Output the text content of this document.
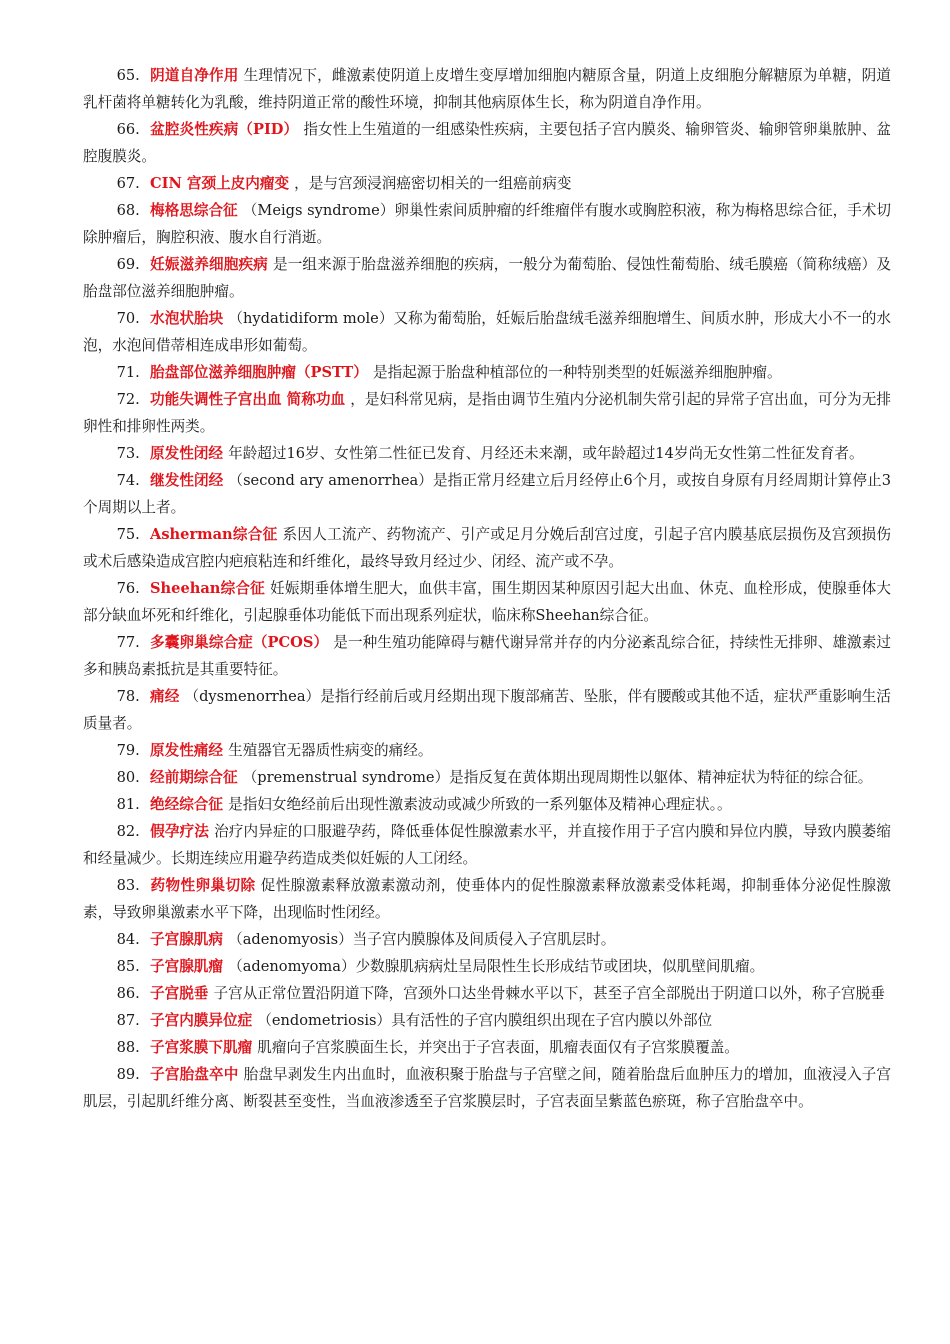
65. 阴道自净作用 生理情况下，雌激素使阴道上皮增生变厚增加细胞内糖原含量，阴道上皮细胞分解糖原为单糖，阴道乳杆菌将单糖转化为乳酸，维持阴道正常的酸性环境，抑制其他病原体生长，称为阴道自净作用。

66. 盆腔炎性疾病（PID） 指女性上生殖道的一组感染性疾病，主要包括子宫内膜炎、输卵管炎、输卵管卵巢脓肿、盆腔腹膜炎。

67. CIN 宫颈上皮内瘤变 ，是与宫颈浸润癌密切相关的一组癌前病变

68. 梅格思综合征 （Meigs syndrome）卵巢性索间质肿瘤的纤维瘤伴有腹水或胸腔积液，称为梅格思综合征，手术切除肿瘤后，胸腔积液、腹水自行消逝。

69. 妊娠滋养细胞疾病 是一组来源于胎盘滋养细胞的疾病，一般分为葡萄胎、侵蚀性葡萄胎、绒毛膜癌（简称绒癌）及胎盘部位滋养细胞肿瘤。

70. 水泡状胎块 （hydatidiform mole）又称为葡萄胎，妊娠后胎盘绒毛滋养细胞增生、间质水肿，形成大小不一的水泡，水泡间借蒂相连成串形如葡萄。

71. 胎盘部位滋养细胞肿瘤（PSTT） 是指起源于胎盘种植部位的一种特别类型的妊娠滋养细胞肿瘤。

72. 功能失调性子宫出血 简称功血 ，是妇科常见病，是指由调节生殖内分泌机制失常引起的异常子宫出血，可分为无排卵性和排卵性两类。

73. 原发性闭经 年龄超过16岁、女性第二性征已发育、月经还未来潮，或年龄超过14岁尚无女性第二性征发育者。

74. 继发性闭经 （second ary amenorrhea）是指正常月经建立后月经停止6个月，或按自身原有月经周期计算停止3个周期以上者。

75. Asherman综合征 系因人工流产、药物流产、引产或足月分娩后刮宫过度，引起子宫内膜基底层损伤及宫颈损伤或术后感染造成宫腔内疤痕粘连和纤维化，最终导致月经过少、闭经、流产或不孕。

76. Sheehan综合征 妊娠期垂体增生肥大，血供丰富，围生期因某种原因引起大出血、休克、血栓形成，使腺垂体大部分缺血坏死和纤维化，引起腺垂体功能低下而出现系列症状，临床称Sheehan综合征。

77. 多囊卵巢综合症（PCOS） 是一种生殖功能障碍与糖代谢异常并存的内分泌紊乱综合征，持续性无排卵、雄激素过多和胰岛素抵抗是其重要特征。

78. 痛经 （dysmenorrhea）是指行经前后或月经期出现下腹部痛苦、坠胀，伴有腰酸或其他不适，症状严重影响生活质量者。

79. 原发性痛经 生殖器官无器质性病变的痛经。

80. 经前期综合征 （premenstrual syndrome）是指反复在黄体期出现周期性以躯体、精神症状为特征的综合征。

81. 绝经综合征 是指妇女绝经前后出现性激素波动或减少所致的一系列躯体及精神心理症状。。

82. 假孕疗法 治疗内异症的口服避孕药，降低垂体促性腺激素水平，并直接作用于子宫内膜和异位内膜，导致内膜萎缩和经量减少。长期连续应用避孕药造成类似妊娠的人工闭经。

83. 药物性卵巢切除 促性腺激素释放激素激动剂，使垂体内的促性腺激素释放激素受体耗竭，抑制垂体分泌促性腺激素，导致卵巢激素水平下降，出现临时性闭经。

84. 子宫腺肌病 （adenomyosis）当子宫内膜腺体及间质侵入子宫肌层时。

85. 子宫腺肌瘤 （adenomyoma）少数腺肌病病灶呈局限性生长形成结节或团块，似肌壁间肌瘤。

86. 子宫脱垂 子宫从正常位置沿阴道下降，宫颈外口达坐骨棘水平以下，甚至子宫全部脱出于阴道口以外，称子宫脱垂

87. 子宫内膜异位症 （endometriosis）具有活性的子宫内膜组织出现在子宫内膜以外部位

88. 子宫浆膜下肌瘤 肌瘤向子宫浆膜面生长，并突出于子宫表面，肌瘤表面仅有子宫浆膜覆盖。

89. 子宫胎盘卒中 胎盘早剥发生内出血时，血液积聚于胎盘与子宫壁之间，随着胎盘后血肿压力的增加，血液浸入子宫肌层，引起肌纤维分离、断裂甚至变性，当血液渗透至子宫浆膜层时，子宫表面呈紫蓝色瘀斑，称子宫胎盘卒中。
